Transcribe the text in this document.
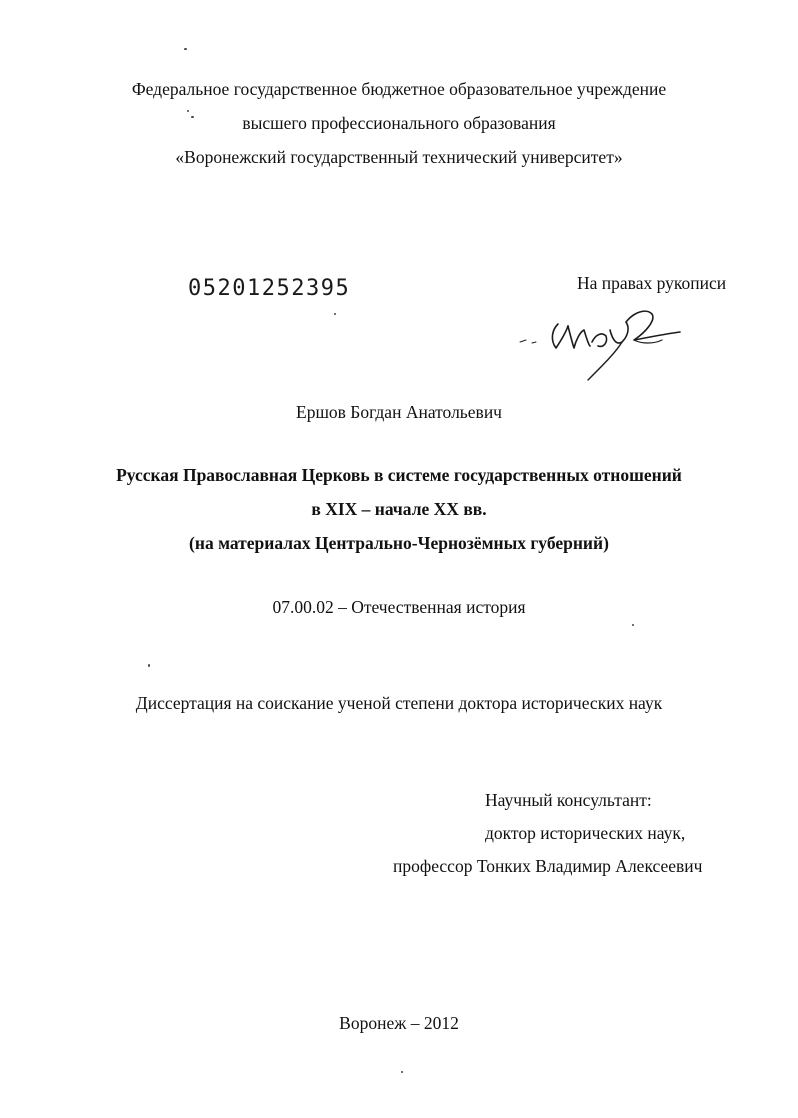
Федеральное государственное бюджетное образовательное учреждение
высшего профессионального образования
«Воронежский государственный технический университет»
05201252395	На правах рукописи
Ершов Богдан Анатольевич
Русская Православная Церковь в системе государственных отношений
в XIX – начале XX вв.
(на материалах Центрально-Чернозёмных губерний)
07.00.02 – Отечественная история
Диссертация на соискание ученой степени доктора исторических наук
Научный консультант:
доктор исторических наук,
профессор Тонких Владимир Алексеевич
Воронеж – 2012
